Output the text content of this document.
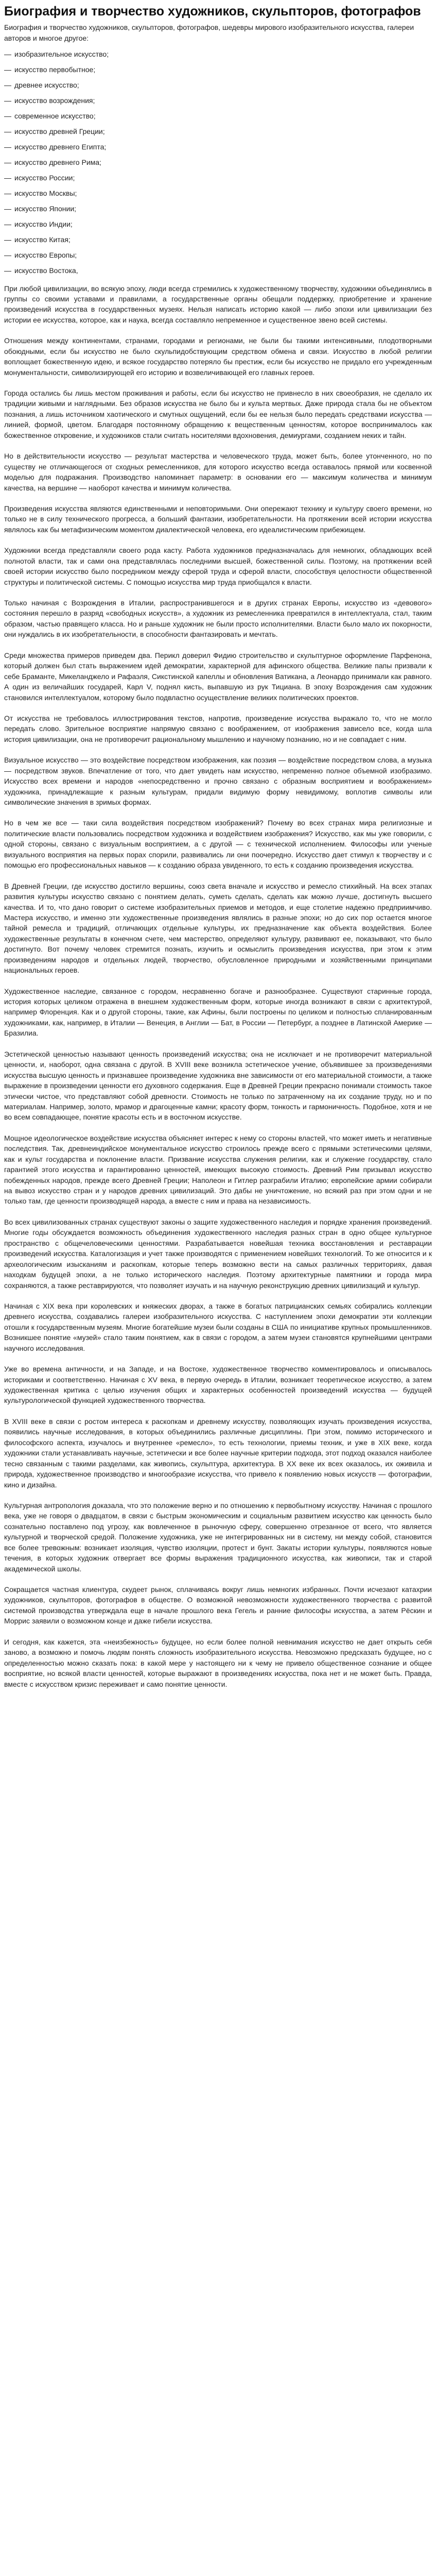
Биография и творчество художников, скульпторов, фотографов

Биография и творчество художников, скульпторов, фотографов, шедевры мирового изобразительного искусства, галереи авторов и многое другое:

— изобразительное искусство;
— искусство первобытное;
— древнее искусство;
— искусство возрождения;
— современное искусство;
— искусство древней Греции;
— искусство древнего Египта;
— искусство древнего Рима;
— искусство России;
— искусство Москвы;
— искусство Японии;
— искусство Индии;
— искусство Китая;
— искусство Европы;
— искусство Востока,

При любой цивилизации, во всякую эпоху, люди всегда стремились к художественному творчеству, художники объединялись в группы со своими уставами и правилами, а государственные органы обещали поддержку, приобретение и хранение произведений искусства в государственных музеях. Нельзя написать историю какой — либо эпохи или цивилизации без истории ее искусства, которое, как и наука, всегда составляло непременное и существенное звено всей системы.

Отношения между континентами, странами, городами и регионами, не были бы такими интенсивными, плодотворными обоюдными, если бы искусство не было скульпидобствующим средством обмена и связи. Искусство в любой религии воплощает божественную идею, и всякое государство потеряло бы престиж, если бы искусство не придало его учрежденным монументальности, символизирующей его историю и возвеличивающей его главных героев.

Города остались бы лишь местом проживания и работы, если бы искусство не привнесло в них своеобразия, не сделало их традиции живыми и наглядными. Без образов искусства не было бы и культа мертвых. Даже природа стала бы не объектом познания, а лишь источником хаотического и смутных ощущений, если бы ее нельзя было передать средствами искусства — линией, формой, цветом. Благодаря постоянному обращению к вещественным ценностям, которое воспринималось как божественное откровение, и художников стали считать носителями вдохновения, демиургами, созданием неких и тайн.

Но в действительности искусство — результат мастерства и человеческого труда, может быть, более утонченного, но по существу не отличающегося от сходных ремесленников, для которого искусство всегда оставалось прямой или косвенной моделью для подражания. Производство напоминает параметр: в основании его — максимум количества и минимум качества, на вершине — наоборот качества и минимум количества.

Произведения искусства являются единственными и неповторимыми. Они опережают технику и культуру своего времени, но только не в силу технического прогресса, а больший фантазии, изобретательности. На протяжении всей истории искусства являлось как бы метафизическим моментом диалектической человека, его идеалистическим прибежищем.

Художники всегда представляли своего рода касту. Работа художников предназначалась для немногих, обладающих всей полнотой власти, так и сами она представлялась последними высшей, божественной силы. Поэтому, на протяжении всей своей истории искусство было посредником между сферой труда и сферой власти, способствуя целостности общественной структуры и политической системы. С помощью искусства мир труда приобщался к власти.

Только начиная с Возрождения в Италии, распространившегося и в других странах Европы, искусство из «девового» состояния перешло в разряд «свободных искусств», а художник из ремесленника превратился в интеллектуала, стал, таким образом, частью правящего класса. Но и раньше художник не были просто исполнителями. Власти было мало их покорности, они нуждались в их изобретательности, в способности фантазировать и мечтать.

Среди множества примеров приведем два. Перикл доверил Фидию строительство и скульптурное оформление Парфенона, который должен был стать выражением идей демократии, характерной для афинского общества. Великие папы призвали к себе Браманте, Микеланджело и Рафаэля, Сикстинской капеллы и обновления Ватикана, а Леонардо принимали как равного. А один из величайших государей, Карл V, поднял кисть, выпавшую из рук Тициана. В эпоху Возрождения сам художник становился интеллектуалом, которому было подвластно осуществление великих политических проектов.

От искусства не требовалось иллюстрирования текстов, напротив, произведение искусства выражало то, что не могло передать слово. Зрительное восприятие напрямую связано с воображением, от изображения зависело все, когда шла история цивилизации, она не противоречит рациональному мышлению и научному познанию, но и не совпадает с ним.

Визуальное искусство — это воздействие посредством изображения, как поэзия — воздействие посредством слова, а музыка — посредством звуков. Впечатление от того, что дает увидеть нам искусство, непременно полное объемной изобразимо. Искусство всех времени и народов «непосредственно и прочно связано с образным восприятием и воображением» художника, принадлежащие к разным культурам, придали видимую форму невидимому, воплотив символы или символические значения в зримых формах.

Но в чем же все — таки сила воздействия посредством изображений? Почему во всех странах мира религиозные и политические власти пользовались посредством художника и воздействием изображения? Искусство, как мы уже говорили, с одной стороны, связано с визуальным восприятием, а с другой — с технической исполнением. Философы или ученые визуального восприятия на первых порах спорили, развивались ли они поочередно. Искусство дает стимул к творчеству и с помощью его профессиональных навыков — к созданию образа увиденного, то есть к созданию произведения искусства.

В Древней Греции, где искусство достигло вершины, союз света вначале и искусство и ремесло стихийный. На всех этапах развития культуры искусство связано с понятием делать, суметь сделать, сделать как можно лучше, достигнуть высшего качества. И то, что дано говорит о системе изобразительных приемов и методов, и еще столетие надежно предприимчиво. Мастера искусство, и именно эти художественные произведения являлись в разные эпохи; но до сих пор остается многое тайной ремесла и традиций, отличающих отдельные культуры, их предназначение как объекта воздействия. Более художественные результаты в конечном счете, чем мастерство, определяют культуру, развивают ее, показывают, что было достигнуто. Вот почему человек стремится познать, изучить и осмыслить произведения искусства, при этом к этим произведениям народов и отдельных людей, творчество, обусловленное природными и хозяйственными принципами национальных героев.

Художественное наследие, связанное с городом, несравненно богаче и разнообразнее. Существуют старинные города, история которых целиком отражена в внешнем художественным форм, которые иногда возникают в связи с архитектурой, например Флоренция. Как и о другой стороны, такие, как Афины, были построены по целиком и полностью спланированным художниками, как, например, в Италии — Венеция, в Англии — Бат, в России — Петербург, а позднее в Латинской Америке — Бразилиа.

Эстетической ценностью называют ценность произведений искусства; она не исключает и не противоречит материальной ценности, и, наоборот, одна связана с другой. В XVIII веке возникла эстетическое учение, объявившее за произведениями искусства высшую ценность и признавшее произведение художника вне зависимости от его материальной стоимости, а также выражение в произведении ценности его духовного содержания. Еще в Древней Греции прекрасно понимали стоимость такое этически чистое, что представляют собой древности. Стоимость не только по затраченному на их создание труду, но и по материалам. Например, золото, мрамор и драгоценные камни; красоту форм, тонкость и гармоничность. Подобное, хотя и не во всем совпадающее, понятие красоты есть и в восточном искусстве.

Мощное идеологическое воздействие искусства объясняет интерес к нему со стороны властей, что может иметь и негативные последствия. Так, древнеиндийское монументальное искусство строилось прежде всего с прямыми эстетическими целями, как и культ государства и поклонение власти. Призвание искусства служения религии, как и служение государству, стало гарантией этого искусства и гарантированно ценностей, имеющих высокую стоимость. Древний Рим призывал искусство побежденных народов, прежде всего Древней Греции; Наполеон и Гитлер разграбили Италию; европейские армии собирали на вывоз искусство стран и у народов древних цивилизаций. Это дабы не уничтожение, но всякий раз при этом одни и не только там, где ценности производящей народа, а вместе с ним и права на независимость.

Во всех цивилизованных странах существуют законы о защите художественного наследия и порядке хранения произведений. Многие годы обсуждается возможность объединения художественного наследия разных стран в одно общее культурное пространство с общечеловеческими ценностями. Разрабатывается новейшая техника восстановления и реставрации произведений искусства. Каталогизация и учет также производятся с применением новейших технологий. То же относится и к археологическим изысканиям и раскопкам, которые теперь возможно вести на самых различных территориях, давая находкам будущей эпохи, а не только исторического наследия. Поэтому архитектурные памятники и города мира сохраняются, а также реставрируются, что позволяет изучать и на научную реконструкцию древних цивилизаций и культур.

Начиная с XIX века при королевских и княжеских дворах, а также в богатых патрицианских семьях собирались коллекции древнего искусства, создавались галереи изобразительного искусства. С наступлением эпохи демократии эти коллекции отошли к государственным музеям. Многие богатейшие музеи были созданы в США по инициативе крупных промышленников. Возникшее понятие «музей» стало таким понятием, как в связи с городом, а затем музеи становятся крупнейшими центрами научного исследования.

Уже во времена античности, и на Западе, и на Востоке, художественное творчество комментировалось и описывалось историками и соответственно. Начиная с XV века, в первую очередь в Италии, возникает теоретическое искусство, а затем художественная критика с целью изучения общих и характерных особенностей произведений искусства — будущей культурологической функцией художественного творчества.

В XVIII веке в связи с ростом интереса к раскопкам и древнему искусству, позволяющих изучать произведения искусства, появились научные исследования, в которых объединились различные дисциплины. При этом, помимо исторического и философского аспекта, изучалось и внутреннее «ремесло», то есть технологии, приемы техник, и уже в XIX веке, когда художники стали устанавливать научные, эстетически и все более научные критерии подхода, этот подход оказался наиболее тесно связанным с такими разделами, как живопись, скульптура, архитектура. В XX веке их всех оказалось, их оживила и природа, художественное производство и многообразие искусства, что привело к появлению новых искусств — фотографии, кино и дизайна.

Культурная антропология доказала, что это положение верно и по отношению к первобытному искусству. Начиная с прошлого века, уже не говоря о двадцатом, в связи с быстрым экономическим и социальным развитием искусство как ценность было сознательно поставлено под угрозу, как вовлеченное в рыночную сферу, совершенно отрезанное от всего, что является культурной и творческой средой. Положение художника, уже не интегрированных ни в систему, ни между собой, становится все более тревожным: возникает изоляция, чувство изоляции, протест и бунт. Закаты истории культуры, появляются новые течения, в которых художник отвергает все формы выражения традиционного искусства, как живописи, так и старой академической школы.

Сокращается частная клиентура, скудеет рынок, сплачиваясь вокруг лишь немногих избранных. Почти исчезают катахрии художников, скульпторов, фотографов в обществе. О возможной невозможности художественного творчества с развитой системой производства утверждала еще в начале прошлого века Гегель и ранние философы искусства, а затем Рёскин и Моррис заявили о возможном конце и даже гибели искусства.

И сегодня, как кажется, эта «неизбежность» будущее, но если более полной невнимания искусство не дает открыть себя заново, а возможно и помочь людям понять сложность изобразительного искусства. Невозможно предсказать будущее, но с определенностью можно сказать пока: в какой мере у настоящего ни к чему не привело общественное сознание и общее восприятие, но всякой власти ценностей, которые выражают в произведениях искусства, пока нет и не может быть. Правда, вместе с искусством кризис переживает и само понятие ценности.
